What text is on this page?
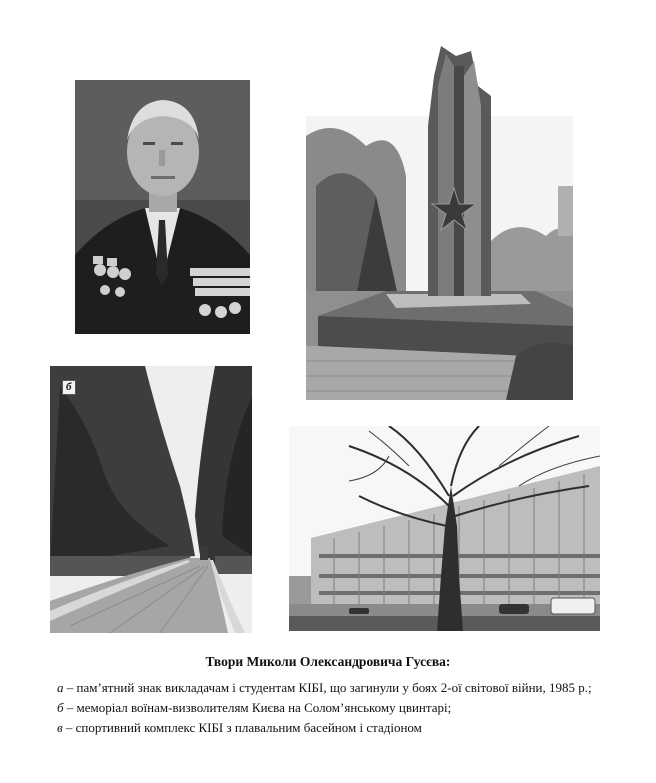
б
Твори Миколи Олександровича Гусєва:

а – пам’ятний знак викладачам і студентам КІБІ, що загинули у боях 2-ої світової війни, 1985 р.;

б – меморіал воїнам-визволителям Києва на Солом’янському цвинтарі;

в – спортивний комплекс КІБІ з плавальним басейном і стадіоном
